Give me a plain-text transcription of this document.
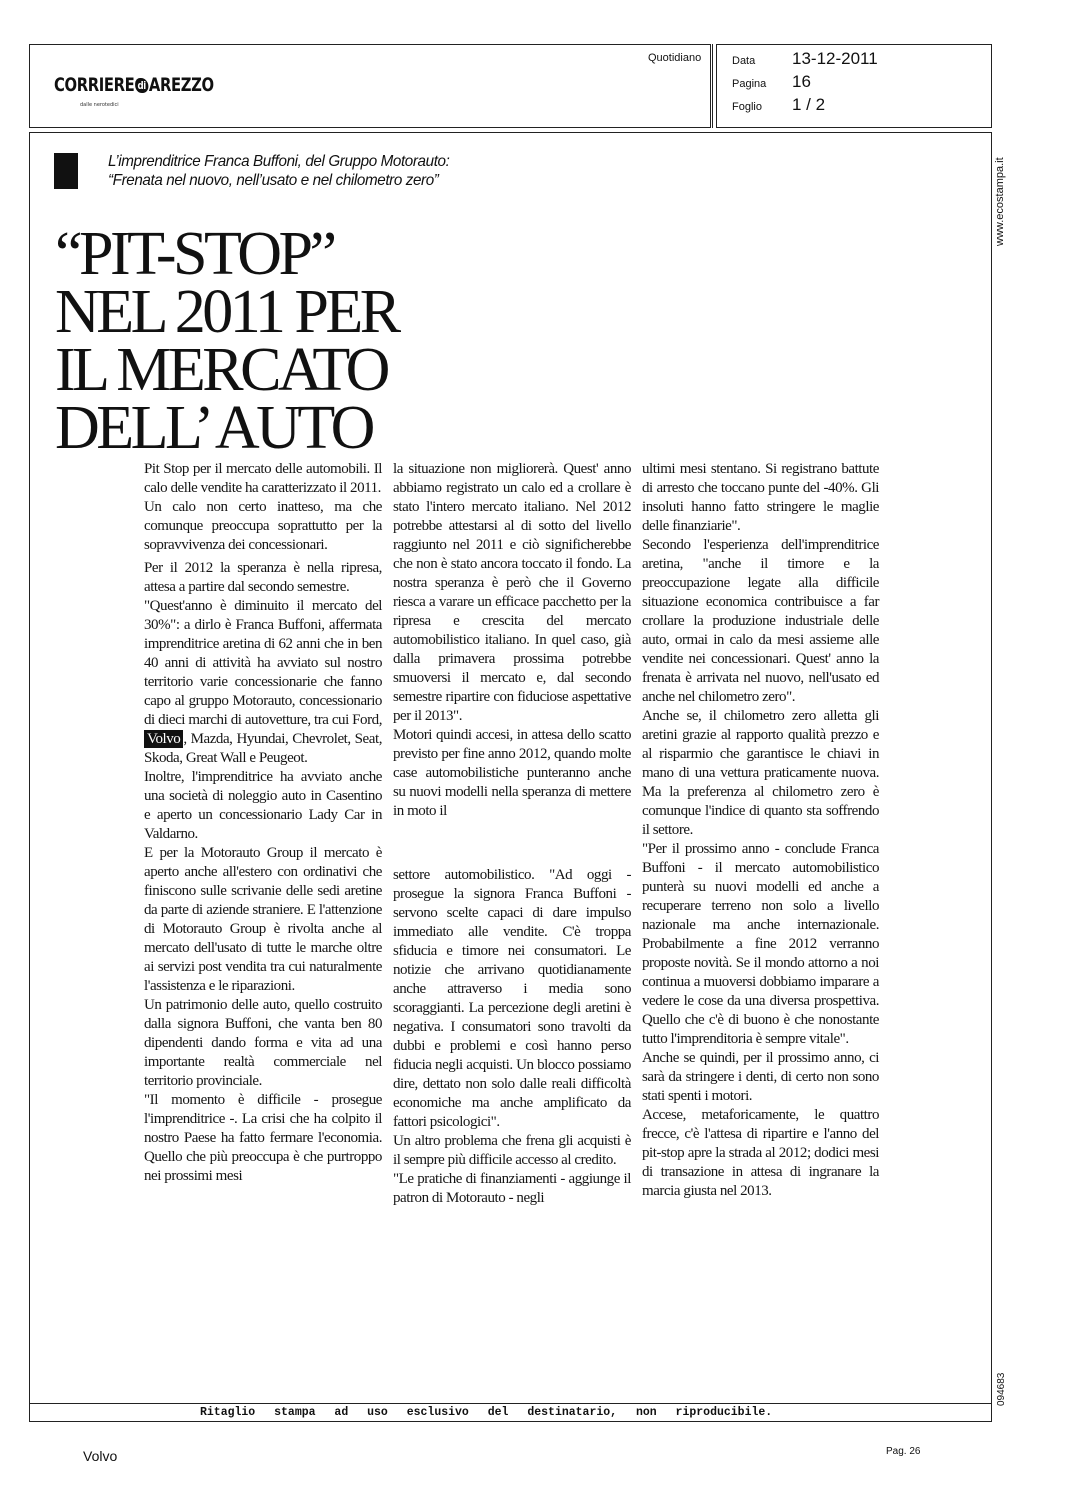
CORRIERE di AREZZO
dalle nerotedici
Quotidiano	Data 13-12-2011
Pagina 16
Foglio 1 / 2
www.ecostampa.it
094683
L’imprenditrice Franca Buffoni, del Gruppo Motorauto:
“Frenata nel nuovo, nell’usato e nel chilometro zero”
“PIT-STOP”
NEL 2011 PER
IL MERCATO
DELL’ AUTO

Pit Stop per il mercato delle automobili. Il calo delle vendite ha caratterizzato il 2011.

Un calo non certo inatteso, ma che comunque preoccupa soprattutto per la sopravvivenza dei concessionari.

Per il 2012 la speranza è nella ripresa, attesa a partire dal secondo semestre.

"Quest'anno è diminuito il mercato del 30%": a dirlo è Franca Buffoni, affermata imprenditrice aretina di 62 anni che in ben 40 anni di attività ha avviato sul nostro territorio varie concessionarie che fanno capo al gruppo Motorauto, concessionario di dieci marchi di autovetture, tra cui Ford, Volvo , Mazda, Hyundai, Chevrolet, Seat, Skoda, Great Wall e Peugeot.

Inoltre, l'imprenditrice ha avviato anche una società di noleggio auto in Casentino e aperto un concessionario Lady Car in Valdarno.

E per la Motorauto Group il mercato è aperto anche all'estero con ordinativi che finiscono sulle scrivanie delle sedi aretine da parte di aziende straniere. E l'attenzione di Motorauto Group è rivolta anche al mercato dell'usato di tutte le marche oltre ai servizi post vendita tra cui naturalmente l'assistenza e le riparazioni.

Un patrimonio delle auto, quello costruito dalla signora Buffoni, che vanta ben 80 dipendenti dando forma e vita ad una importante realtà commerciale nel territorio provinciale.

"Il momento è difficile - prosegue l'imprenditrice -. La crisi che ha colpito il nostro Paese ha fatto fermare l'economia. Quello che più preoccupa è che purtroppo nei prossimi mesi

la situazione non migliorerà. Quest' anno abbiamo registrato un calo ed a crollare è stato l'intero mercato italiano. Nel 2012 potrebbe attestarsi al di sotto del livello raggiunto nel 2011 e ciò significherebbe che non è stato ancora toccato il fondo. La nostra speranza è però che il Governo riesca a varare un efficace pacchetto per la ripresa e crescita del mercato automobilistico italiano. In quel caso, già dalla primavera prossima potrebbe smuoversi il mercato e, dal secondo semestre ripartire con fiduciose aspettative per il 2013".

Motori quindi accesi, in attesa dello scatto previsto per fine anno 2012, quando molte case automobilistiche punteranno anche su nuovi modelli nella speranza di mettere in moto il

settore automobilistico. "Ad oggi - prosegue la signora Franca Buffoni - servono scelte capaci di dare impulso immediato alle vendite. C'è troppa sfiducia e timore nei consumatori. Le notizie che arrivano quotidianamente anche attraverso i media sono scoraggianti. La percezione degli aretini è negativa. I consumatori sono travolti da dubbi e problemi e così hanno perso fiducia negli acquisti. Un blocco possiamo dire, dettato non solo dalle reali difficoltà economiche ma anche amplificato da fattori psicologici".

Un altro problema che frena gli acquisti è il sempre più difficile accesso al credito.

"Le pratiche di finanziamenti - aggiunge il patron di Motorauto - negli

ultimi mesi stentano. Si registrano battute di arresto che toccano punte del -40%. Gli insoluti hanno fatto stringere le maglie delle finanziarie".

Secondo l'esperienza dell'imprenditrice aretina, "anche il timore e la preoccupazione legate alla difficile situazione economica contribuisce a far crollare la produzione industriale delle auto, ormai in calo da mesi assieme alle vendite nei concessionari. Quest' anno la frenata è arrivata nel nuovo, nell'usato ed anche nel chilometro zero".

Anche se, il chilometro zero alletta gli aretini grazie al rapporto qualità prezzo e al risparmio che garantisce le chiavi in mano di una vettura praticamente nuova. Ma la preferenza al chilometro zero è comunque l'indice di quanto sta soffrendo il settore.

"Per il prossimo anno - conclude Franca Buffoni - il mercato automobilistico punterà su nuovi modelli ed anche a recuperare terreno non solo a livello nazionale ma anche internazionale. Probabilmente a fine 2012 verranno proposte novità. Se il mondo attorno a noi continua a muoversi dobbiamo imparare a vedere le cose da una diversa prospettiva. Quello che c'è di buono è che nonostante tutto l'imprenditoria è sempre vitale".

Anche se quindi, per il prossimo anno, ci sarà da stringere i denti, di certo non sono stati spenti i motori.

Accese, metaforicamente, le quattro frecce, c'è l'attesa di ripartire e l'anno del pit-stop apre la strada al 2012; dodici mesi di transazione in attesa di ingranare la marcia giusta nel 2013.

Ritaglio stampa ad uso esclusivo del destinatario, non riproducibile.
Volvo	Pag. 26
